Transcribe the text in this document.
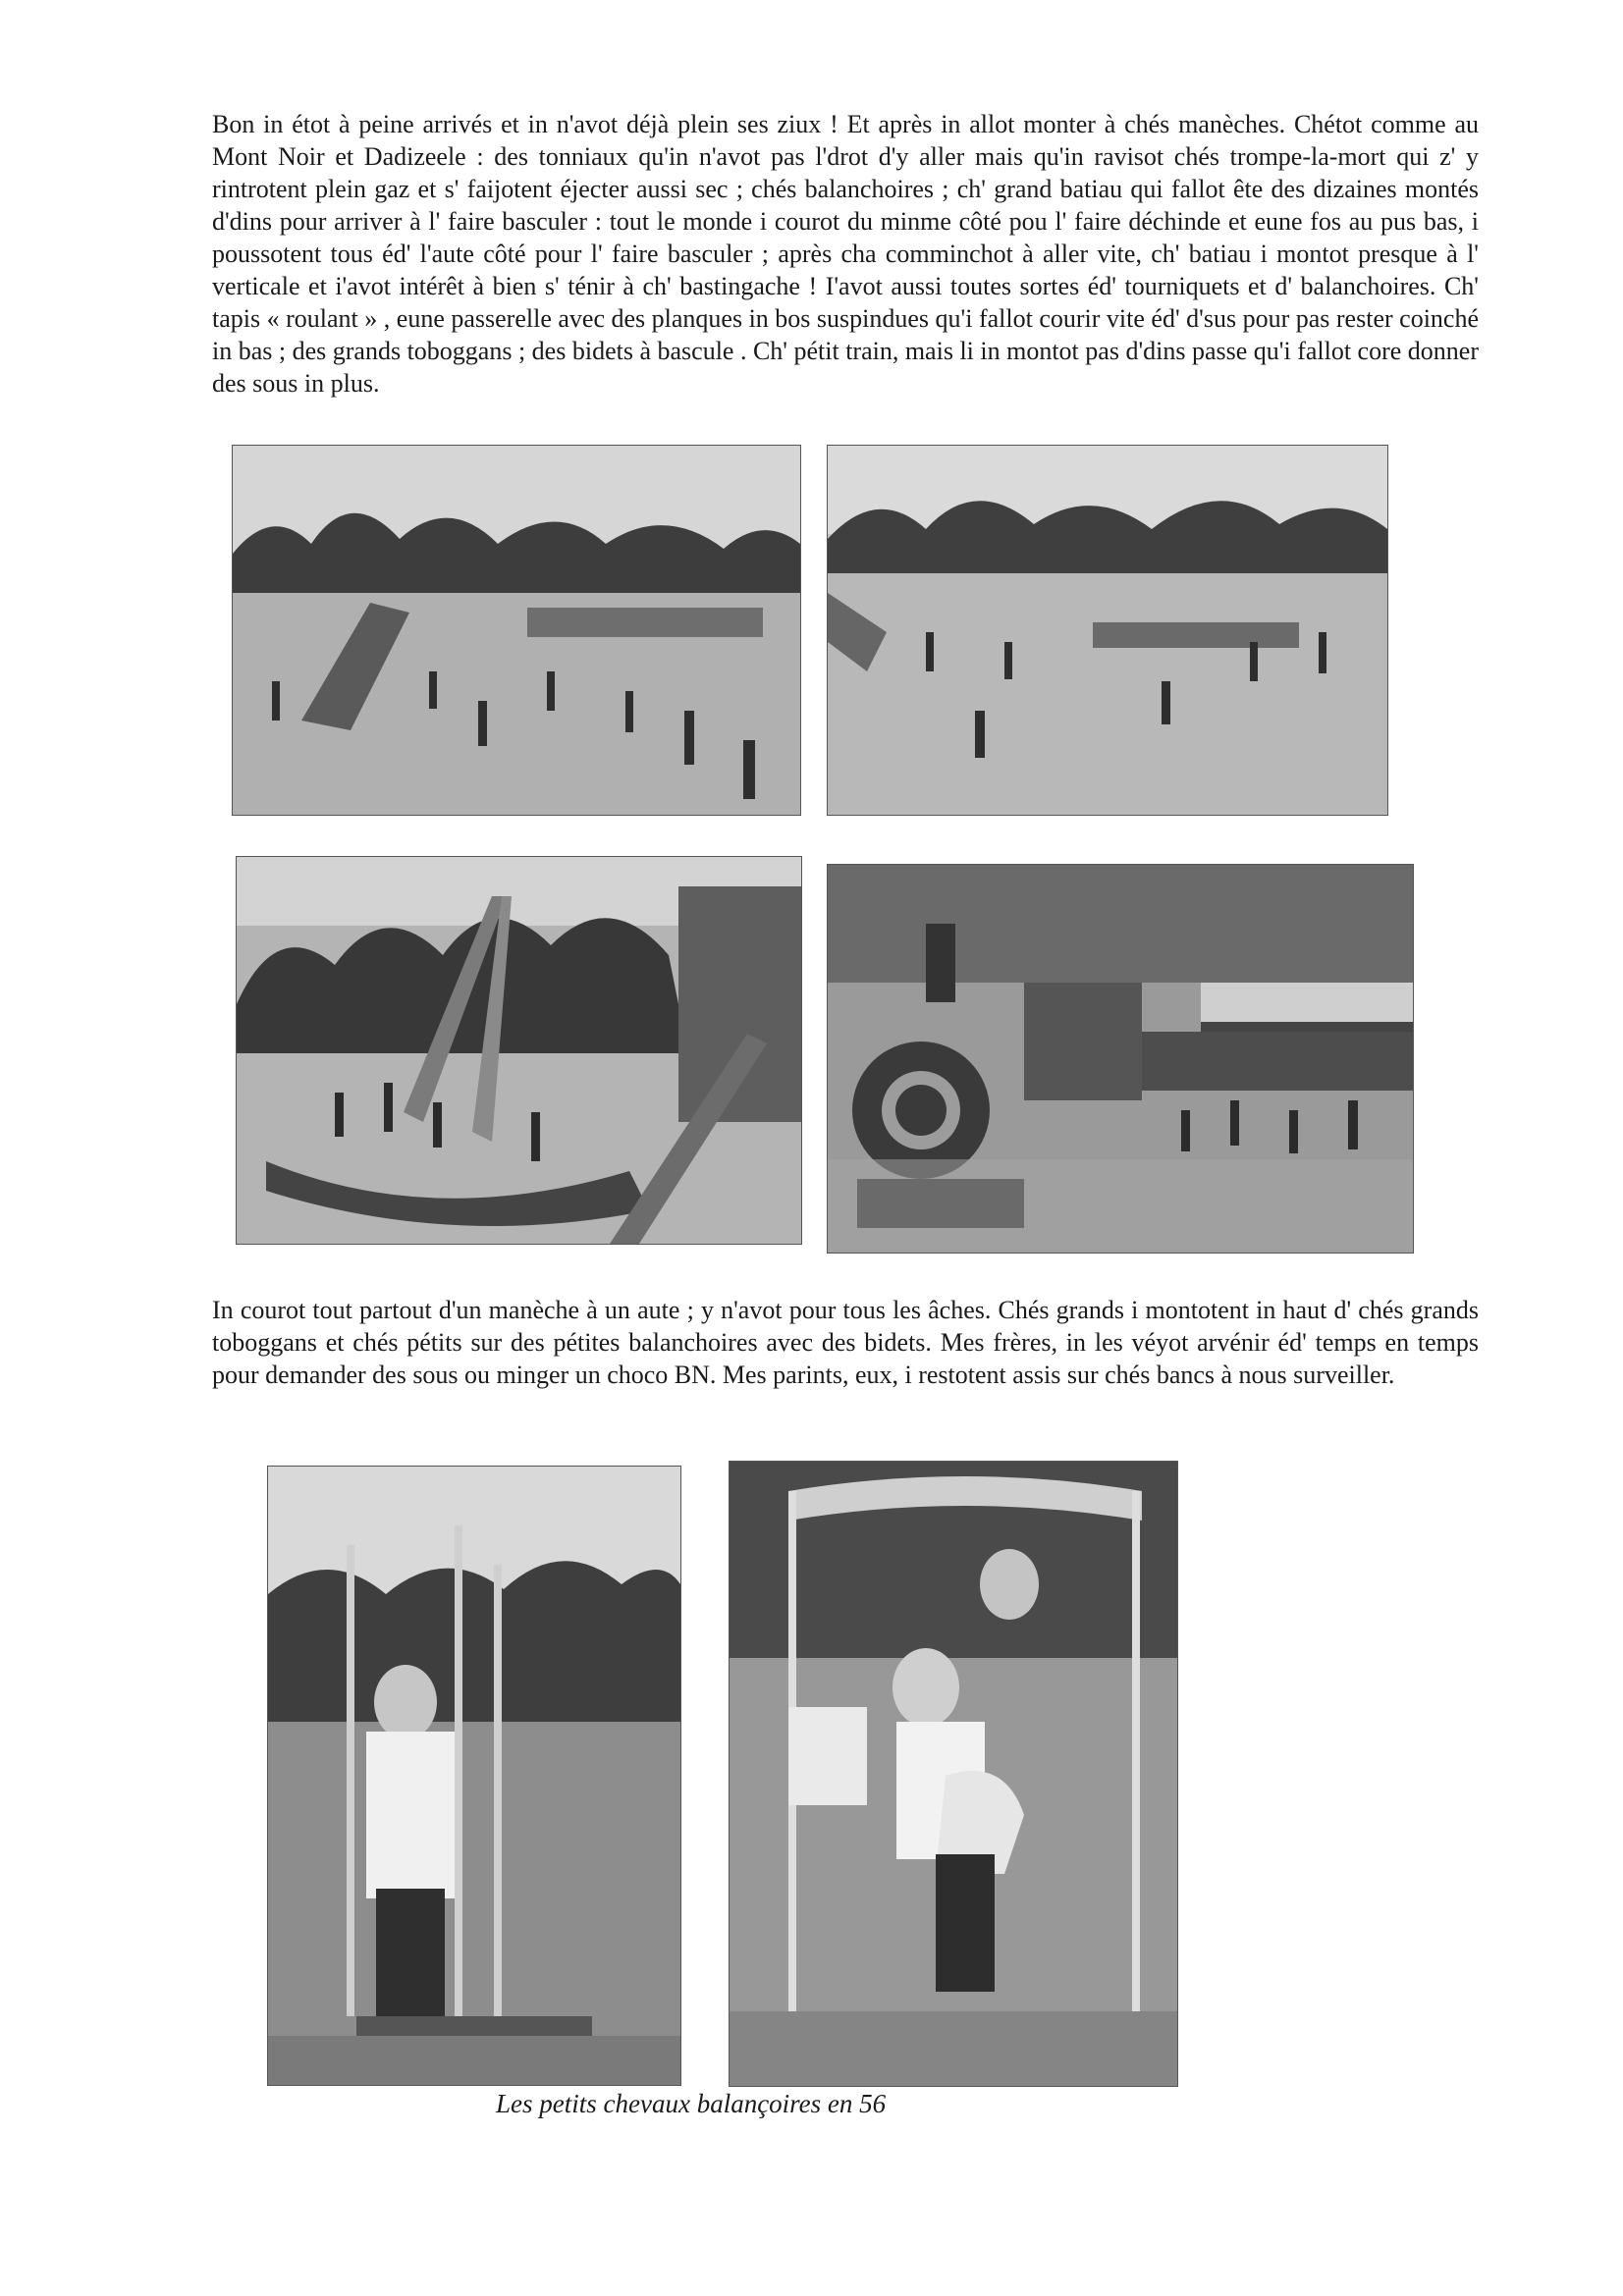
Bon in étot à peine arrivés et in n'avot déjà plein ses ziux ! Et après in allot monter à chés manèches. Chétot comme au Mont Noir et Dadizeele : des tonniaux qu'in n'avot pas l'drot d'y aller mais qu'in ravisot chés trompe-la-mort qui z' y rintrotent plein gaz et s' faijotent éjecter aussi sec ; chés balanchoires ; ch' grand batiau qui fallot ête des dizaines montés d'dins pour arriver à l' faire basculer : tout le monde i courot du minme côté pou l' faire déchinde et eune fos au pus bas, i poussotent tous éd' l'aute côté pour l' faire basculer ; après cha comminchot à aller vite, ch' batiau i montot presque à l' verticale et i'avot intérêt à bien s' ténir à ch' bastingache ! I'avot aussi toutes sortes éd' tourniquets et d' balanchoires. Ch' tapis « roulant » , eune passerelle avec des planques in bos suspindues qu'i fallot courir vite éd' d'sus pour pas rester coinché in bas ; des grands toboggans ; des bidets à bascule . Ch' pétit train, mais li in montot pas d'dins passe qu'i fallot core donner des sous in plus.

In courot tout partout d'un manèche à un aute ; y n'avot pour tous les âches. Chés grands i montotent in haut d' chés grands toboggans et chés pétits sur des pétites balanchoires avec des bidets. Mes frères, in les véyot arvénir éd' temps en temps pour demander des sous ou minger un choco BN. Mes parints, eux, i restotent assis sur chés bancs à nous surveiller.

Les petits chevaux balançoires en 56
